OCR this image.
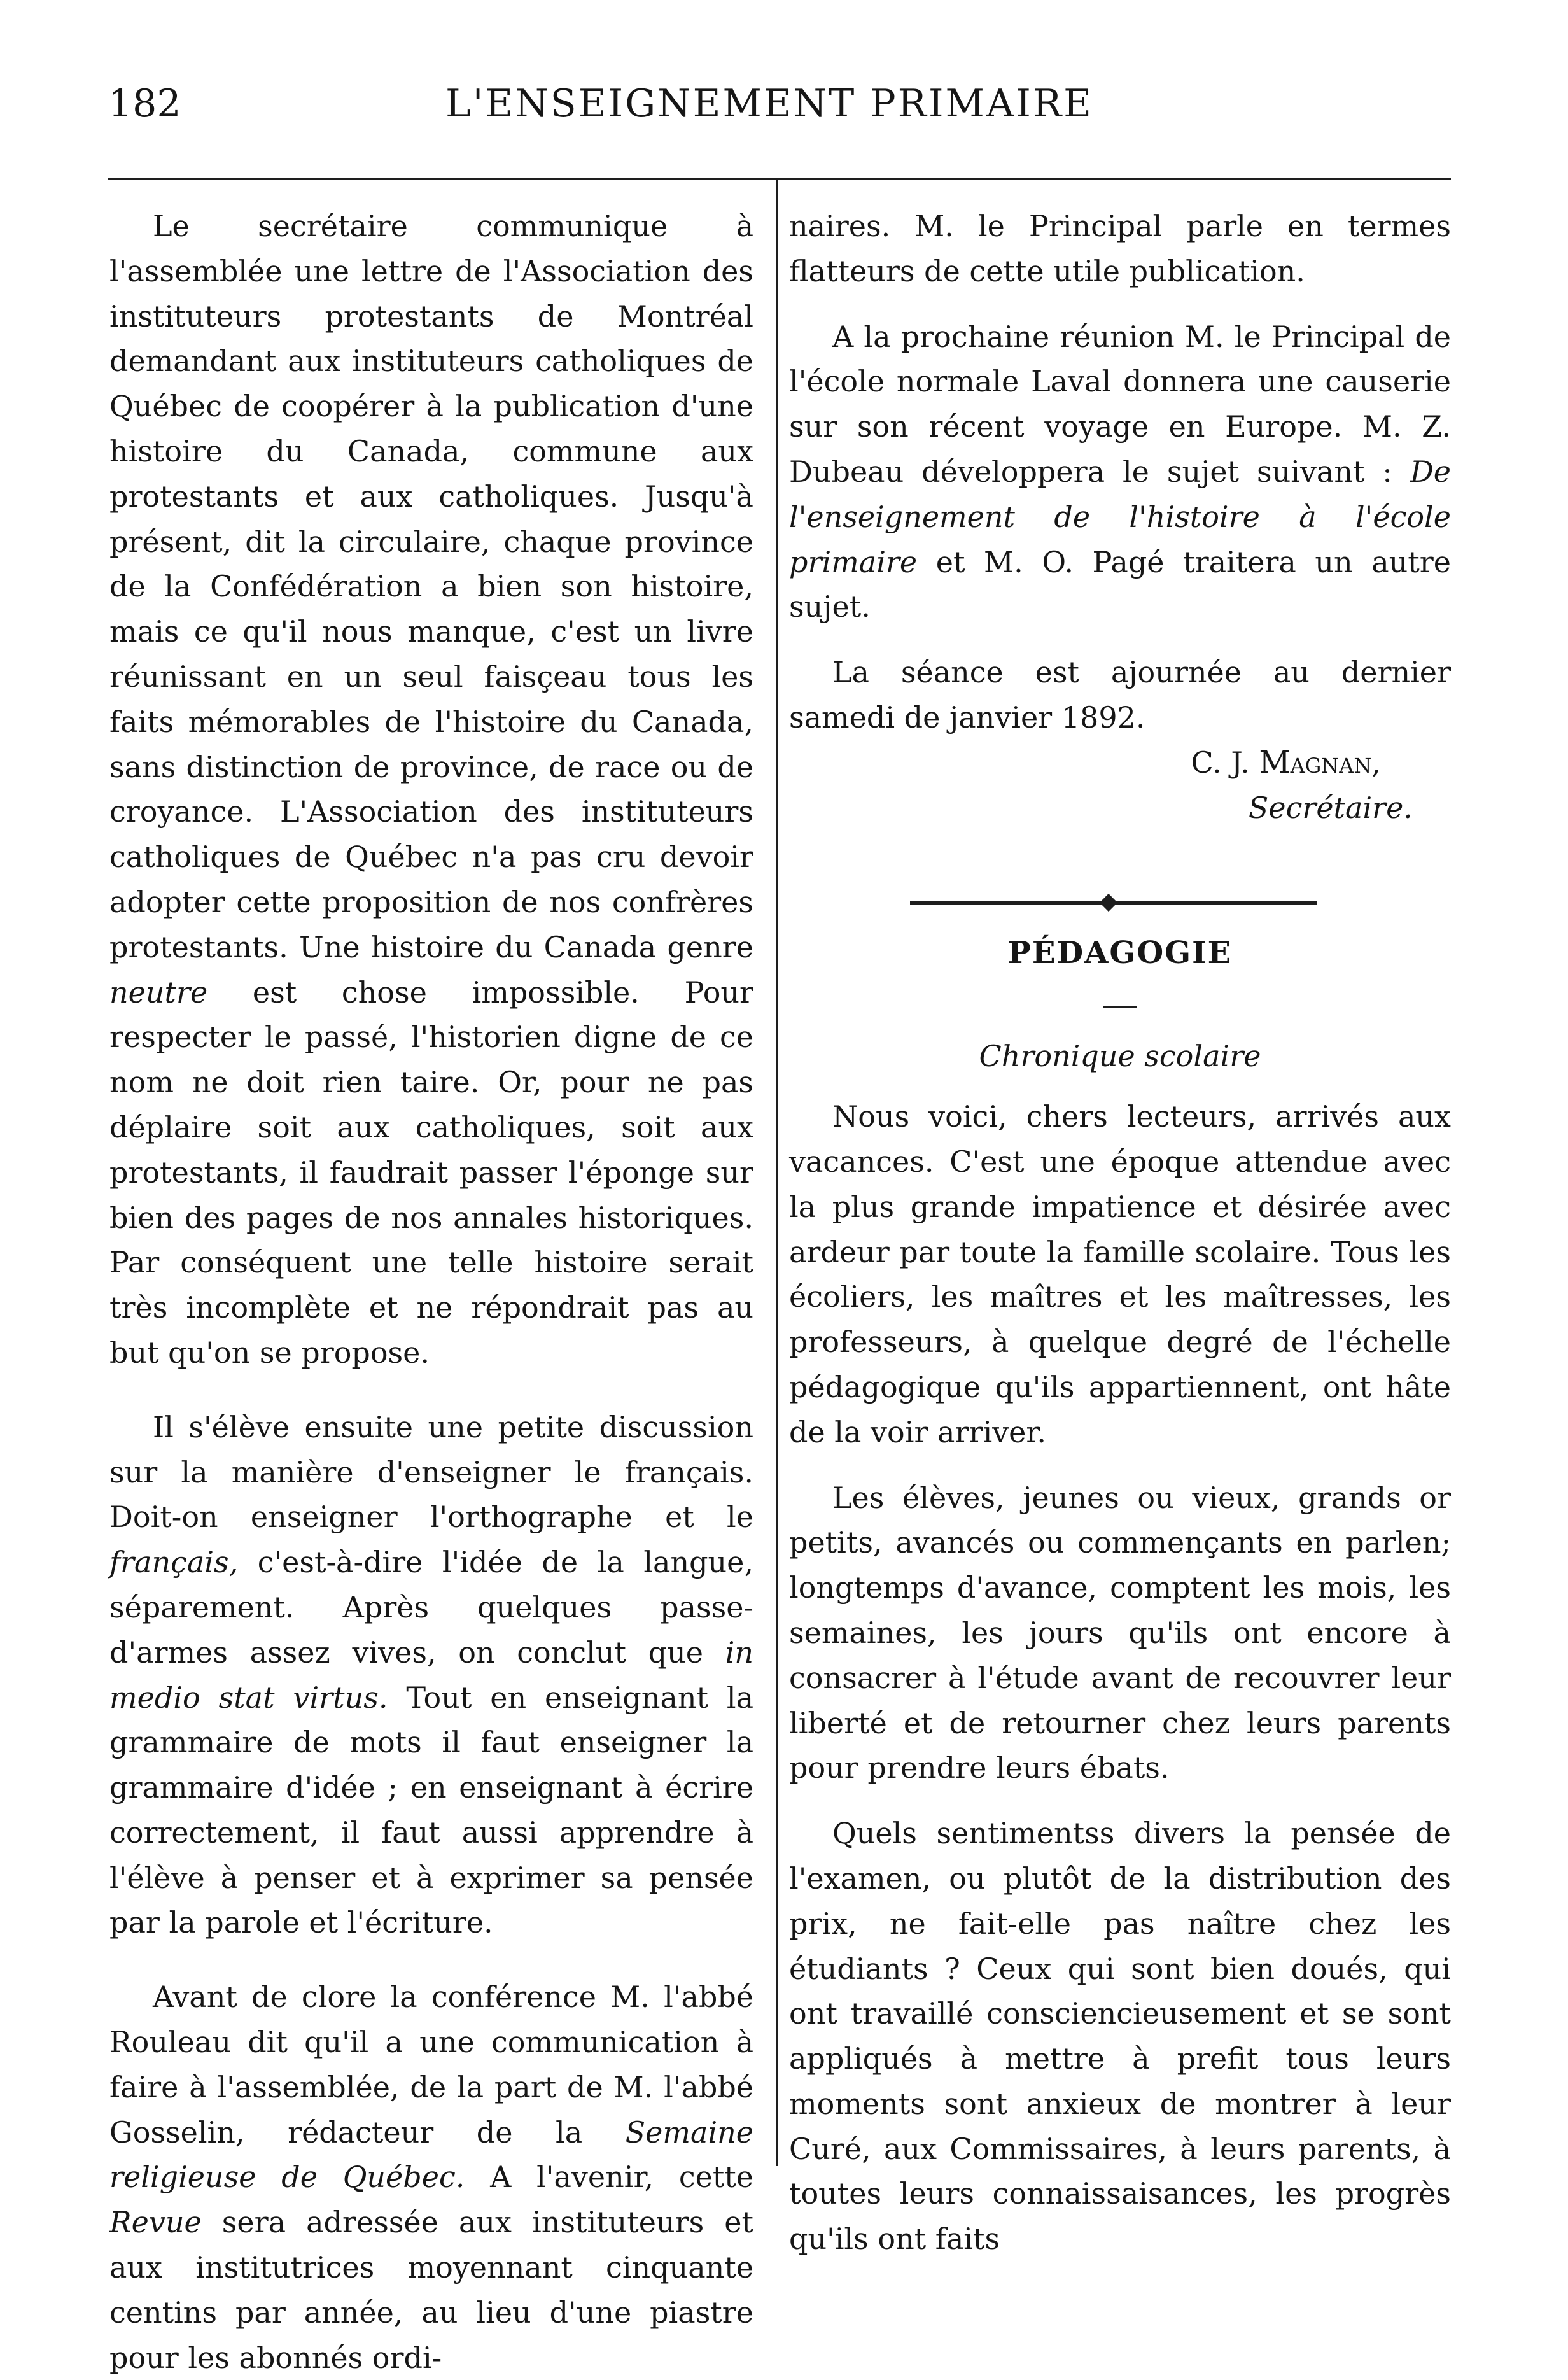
182	L'ENSEIGNEMENT PRIMAIRE

Le secrétaire communique à l'assemblée une lettre de l'Association des instituteurs protestants de Montréal demandant aux instituteurs catholiques de Québec de coopérer à la publication d'une histoire du Canada, commune aux protestants et aux catholiques. Jusqu'à présent, dit la circulaire, chaque province de la Confédération a bien son histoire, mais ce qu'il nous manque, c'est un livre réunissant en un seul faisçeau tous les faits mémorables de l'histoire du Canada, sans distinction de province, de race ou de croyance. L'Association des instituteurs catholiques de Québec n'a pas cru devoir adopter cette proposition de nos confrères protestants. Une histoire du Canada genre neutre est chose impossible. Pour respecter le passé, l'historien digne de ce nom ne doit rien taire. Or, pour ne pas déplaire soit aux catholiques, soit aux protestants, il faudrait passer l'éponge sur bien des pages de nos annales historiques. Par conséquent une telle histoire serait très incomplète et ne répondrait pas au but qu'on se propose.

Il s'élève ensuite une petite discussion sur la manière d'enseigner le français. Doit-on enseigner l'orthographe et le français, c'est-à-dire l'idée de la langue, séparement. Après quelques passe-d'armes assez vives, on conclut que in medio stat virtus. Tout en enseignant la grammaire de mots il faut enseigner la grammaire d'idée ; en enseignant à écrire correctement, il faut aussi apprendre à l'élève à penser et à exprimer sa pensée par la parole et l'écriture.

Avant de clore la conférence M. l'abbé Rouleau dit qu'il a une communication à faire à l'assemblée, de la part de M. l'abbé Gosselin, rédacteur de la Semaine religieuse de Québec. A l'avenir, cette Revue sera adressée aux instituteurs et aux institutrices moyennant cinquante centins par année, au lieu d'une piastre pour les abonnés ordi-

naires. M. le Principal parle en termes flatteurs de cette utile publication.

A la prochaine réunion M. le Principal de l'école normale Laval donnera une causerie sur son récent voyage en Europe. M. Z. Dubeau développera le sujet suivant : De l'enseignement de l'histoire à l'école primaire et M. O. Pagé traitera un autre sujet.

La séance est ajournée au dernier samedi de janvier 1892.

C. J. Magnan,

Secrétaire.

PÉDAGOGIE
Chronique scolaire

Nous voici, chers lecteurs, arrivés aux vacances. C'est une époque attendue avec la plus grande impatience et désirée avec ardeur par toute la famille scolaire. Tous les écoliers, les maîtres et les maîtresses, les professeurs, à quelque degré de l'échelle pédagogique qu'ils appartiennent, ont hâte de la voir arriver.

Les élèves, jeunes ou vieux, grands or petits, avancés ou commençants en parlen; longtemps d'avance, comptent les mois, les semaines, les jours qu'ils ont encore à consacrer à l'étude avant de recouvrer leur liberté et de retourner chez leurs parents pour prendre leurs ébats.

Quels sentimentss divers la pensée de l'examen, ou plutôt de la distribution des prix, ne fait-elle pas naître chez les étudiants ? Ceux qui sont bien doués, qui ont travaillé consciencieusement et se sont appliqués à mettre à prefit tous leurs moments sont anxieux de montrer à leur Curé, aux Commissaires, à leurs parents, à toutes leurs connaissaisances, les progrès qu'ils ont faits
